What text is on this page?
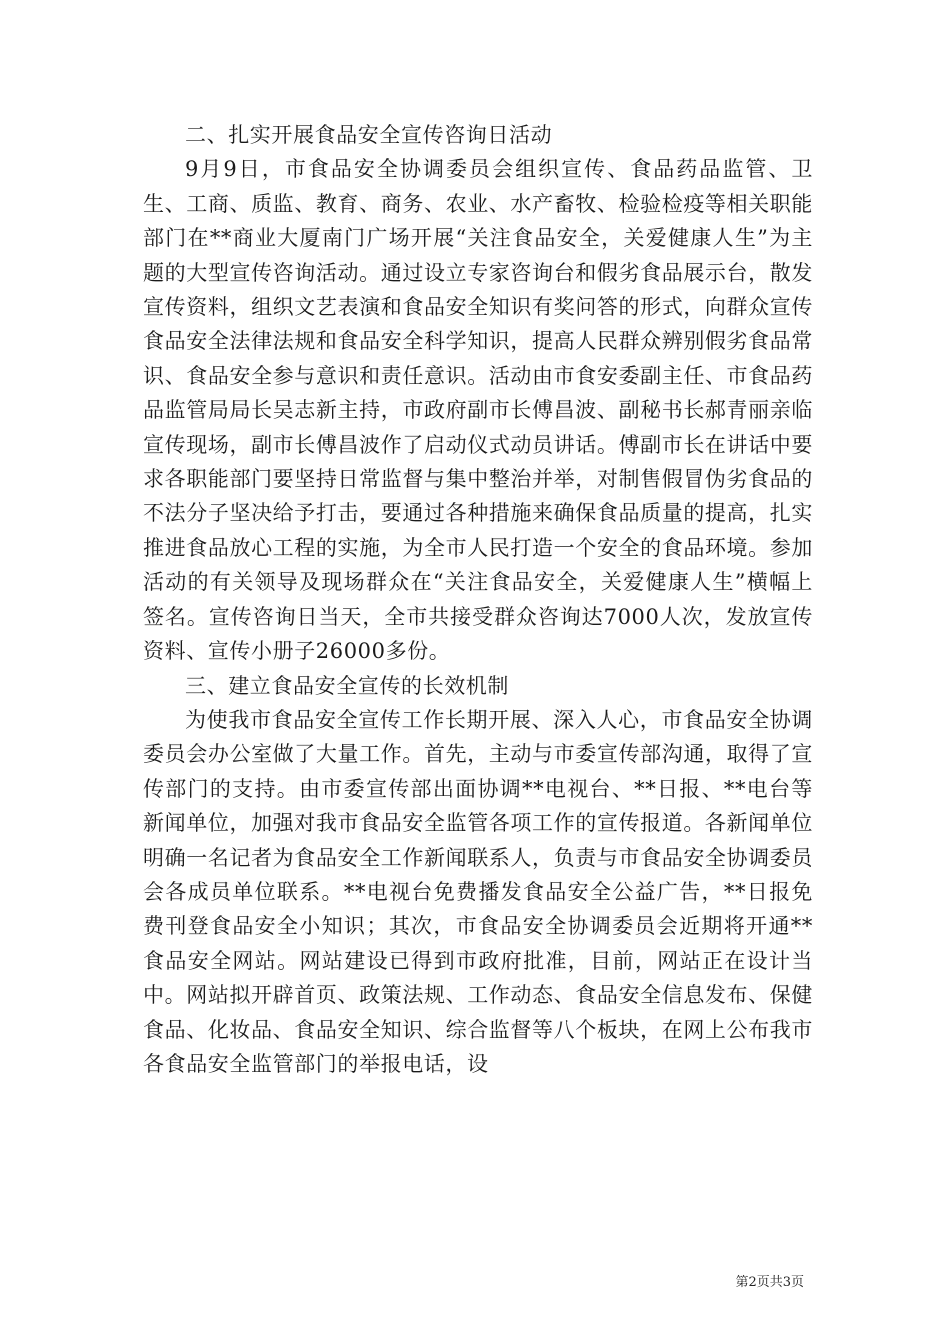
二、扎实开展食品安全宣传咨询日活动

9月9日，市食品安全协调委员会组织宣传、食品药品监管、卫生、工商、质监、教育、商务、农业、水产畜牧、检验检疫等相关职能部门在**商业大厦南门广场开展“关注食品安全，关爱健康人生”为主题的大型宣传咨询活动。通过设立专家咨询台和假劣食品展示台，散发宣传资料，组织文艺表演和食品安全知识有奖问答的形式，向群众宣传食品安全法律法规和食品安全科学知识，提高人民群众辨别假劣食品常识、食品安全参与意识和责任意识。活动由市食安委副主任、市食品药品监管局局长吴志新主持，市政府副市长傅昌波、副秘书长郝青丽亲临宣传现场，副市长傅昌波作了启动仪式动员讲话。傅副市长在讲话中要求各职能部门要坚持日常监督与集中整治并举，对制售假冒伪劣食品的不法分子坚决给予打击，要通过各种措施来确保食品质量的提高，扎实推进食品放心工程的实施，为全市人民打造一个安全的食品环境。参加活动的有关领导及现场群众在“关注食品安全，关爱健康人生”横幅上签名。宣传咨询日当天，全市共接受群众咨询达7000人次，发放宣传资料、宣传小册子26000多份。

三、建立食品安全宣传的长效机制

为使我市食品安全宣传工作长期开展、深入人心，市食品安全协调委员会办公室做了大量工作。首先，主动与市委宣传部沟通，取得了宣传部门的支持。由市委宣传部出面协调**电视台、**日报、**电台等新闻单位，加强对我市食品安全监管各项工作的宣传报道。各新闻单位明确一名记者为食品安全工作新闻联系人，负责与市食品安全协调委员会各成员单位联系。**电视台免费播发食品安全公益广告，**日报免费刊登食品安全小知识；其次，市食品安全协调委员会近期将开通**食品安全网站。网站建设已得到市政府批准，目前，网站正在设计当中。网站拟开辟首页、政策法规、工作动态、食品安全信息发布、保健食品、化妆品、食品安全知识、综合监督等八个板块，在网上公布我市各食品安全监管部门的举报电话，设

第2页共3页
